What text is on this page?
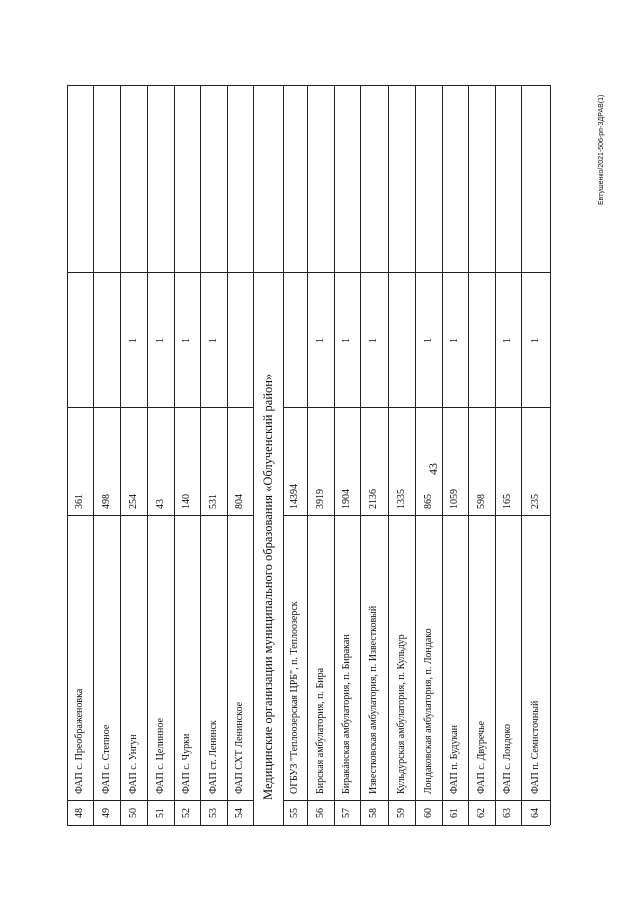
43
Евтушенко/2021-506-рп-ЗДРАВ(1)
48
ФАП с. Преображеновка
361
49
ФАП с. Степное
498
50
ФАП с. Унгун
254
1
51
ФАП с. Целинное
43
1
52
ФАП с. Чурки
140
1
53
ФАП ст. Ленинск
531
1
54
ФАП СХТ Ленинское
804
55
ОГБУЗ "Теплоозерская ЦРБ", п. Теплоозерск
14394
56
Бирская амбулатория, п. Бира
3919
1
57
Биракáнская амбулатория, п. Биракан
1904
1
58
Известковская амбулатория, п. Известковый
2136
1
59
Кульдурская амбулатория, п. Кульдур
1335
60
Лондаковская амбулатория, п. Лондако
865
1
61
ФАП п. Будукан
1059
1
62
ФАП с. Двуречье
598
63
ФАП с. Лондоко
165
1
64
ФАП п. Семисточный
235
1
Медицинские организации муниципального образования «Облученский район»
